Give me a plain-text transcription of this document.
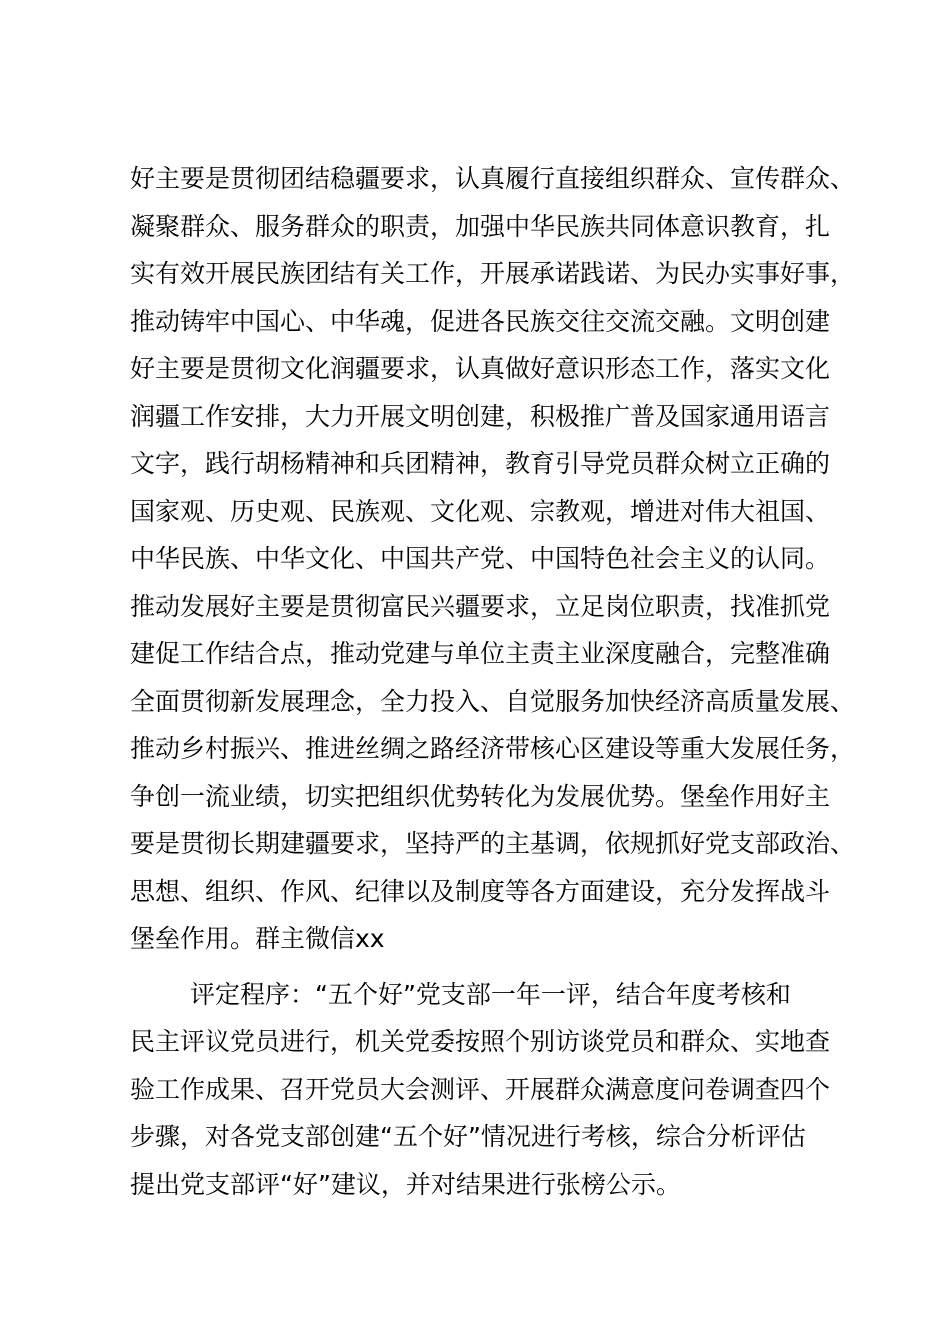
好主要是贯彻团结稳疆要求，认真履行直接组织群众、宣传群众、
凝聚群众、服务群众的职责，加强中华民族共同体意识教育，扎
实有效开展民族团结有关工作，开展承诺践诺、为民办实事好事，
推动铸牢中国心、中华魂，促进各民族交往交流交融。文明创建
好主要是贯彻文化润疆要求，认真做好意识形态工作，落实文化
润疆工作安排，大力开展文明创建，积极推广普及国家通用语言
文字，践行胡杨精神和兵团精神，教育引导党员群众树立正确的
国家观、历史观、民族观、文化观、宗教观，增进对伟大祖国、
中华民族、中华文化、中国共产党、中国特色社会主义的认同。
推动发展好主要是贯彻富民兴疆要求，立足岗位职责，找准抓党
建促工作结合点，推动党建与单位主责主业深度融合，完整准确
全面贯彻新发展理念，全力投入、自觉服务加快经济高质量发展、
推动乡村振兴、推进丝绸之路经济带核心区建设等重大发展任务，
争创一流业绩，切实把组织优势转化为发展优势。堡垒作用好主
要是贯彻长期建疆要求，坚持严的主基调，依规抓好党支部政治、
思想、组织、作风、纪律以及制度等各方面建设，充分发挥战斗
堡垒作用。群主微信xx
评定程序：“五个好”党支部一年一评，结合年度考核和
民主评议党员进行，机关党委按照个别访谈党员和群众、实地查
验工作成果、召开党员大会测评、开展群众满意度问卷调查四个
步骤，对各党支部创建“五个好”情况进行考核，综合分析评估
提出党支部评“好”建议，并对结果进行张榜公示。
